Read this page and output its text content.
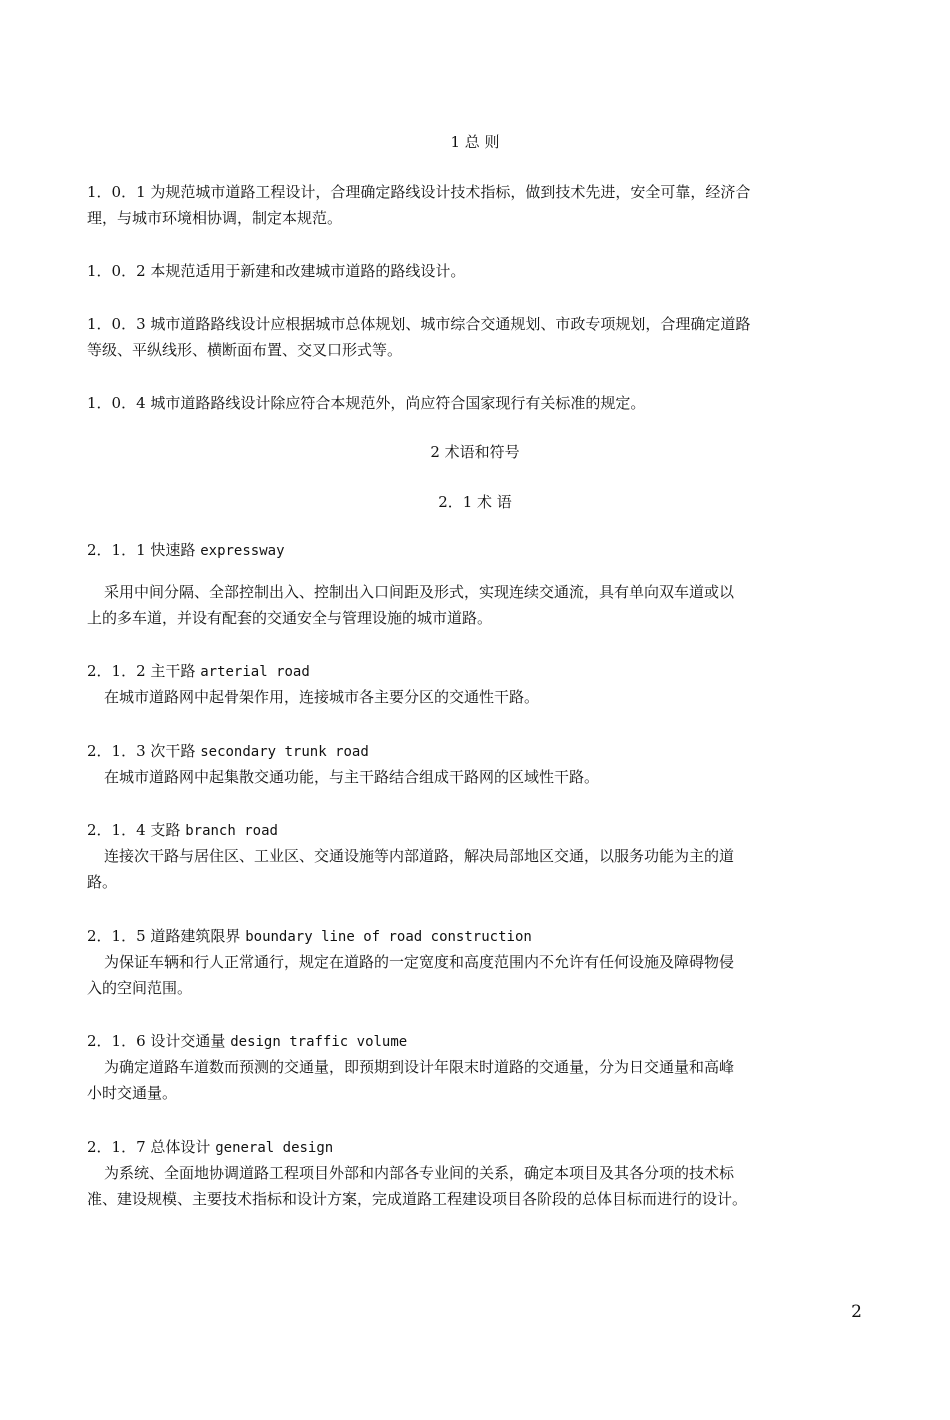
1 总 则
1．0．1 为规范城市道路工程设计，合理确定路线设计技术指标，做到技术先进，安全可靠，经济合
理，与城市环境相协调，制定本规范。
1．0．2 本规范适用于新建和改建城市道路的路线设计。
1．0．3 城市道路路线设计应根据城市总体规划、城市综合交通规划、市政专项规划，合理确定道路
等级、平纵线形、横断面布置、交叉口形式等。
1．0．4 城市道路路线设计除应符合本规范外，尚应符合国家现行有关标准的规定。
2 术语和符号
2．1 术 语
2．1．1 快速路 expressway
采用中间分隔、全部控制出入、控制出入口间距及形式，实现连续交通流，具有单向双车道或以
上的多车道，并设有配套的交通安全与管理设施的城市道路。
2．1．2 主干路 arterial road
在城市道路网中起骨架作用，连接城市各主要分区的交通性干路。
2．1．3 次干路 secondary trunk road
在城市道路网中起集散交通功能，与主干路结合组成干路网的区域性干路。
2．1．4 支路 branch road
连接次干路与居住区、工业区、交通设施等内部道路，解决局部地区交通，以服务功能为主的道
路。
2．1．5 道路建筑限界 boundary line of road construction
为保证车辆和行人正常通行，规定在道路的一定宽度和高度范围内不允许有任何设施及障碍物侵
入的空间范围。
2．1．6 设计交通量 design traffic volume
为确定道路车道数而预测的交通量，即预期到设计年限末时道路的交通量，分为日交通量和高峰
小时交通量。
2．1．7 总体设计 general design
为系统、全面地协调道路工程项目外部和内部各专业间的关系，确定本项目及其各分项的技术标
准、建设规模、主要技术指标和设计方案，完成道路工程建设项目各阶段的总体目标而进行的设计。
2
